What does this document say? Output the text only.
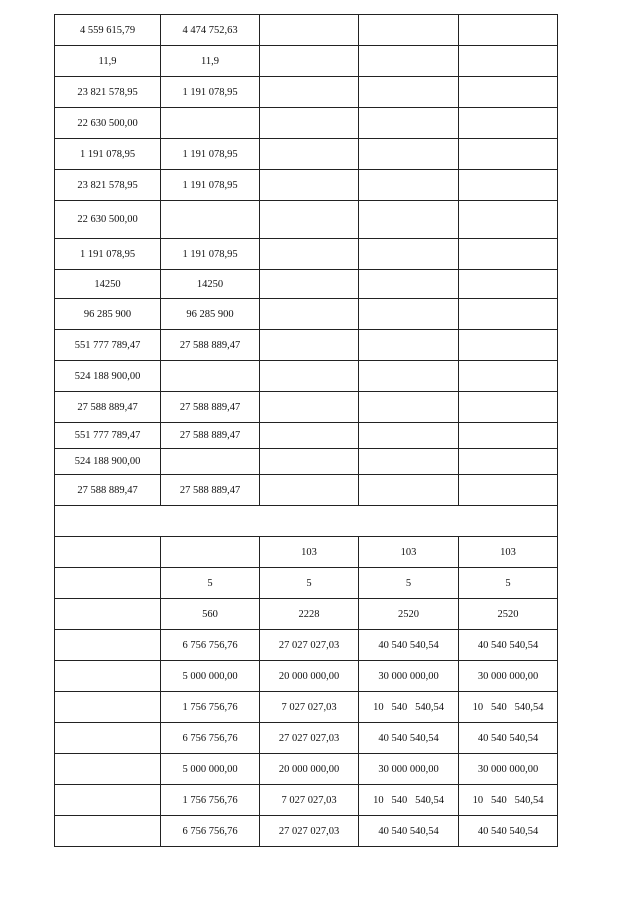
4 559 615,79	4 474 752,63			
11,9	11,9			
23 821 578,95	1 191 078,95			
22 630 500,00				
1 191 078,95	1 191 078,95			
23 821 578,95	1 191 078,95			
22 630 500,00				
1 191 078,95	1 191 078,95			
14250	14250			
96 285 900	96 285 900			
551 777 789,47	27 588 889,47			
524 188 900,00				
27 588 889,47	27 588 889,47			
551 777 789,47	27 588 889,47			
524 188 900,00				
27 588 889,47	27 588 889,47			

		103	103	103
	5	5	5	5
	560	2228	2520	2520
	6 756 756,76	27 027 027,03	40 540 540,54	40 540 540,54
	5 000 000,00	20 000 000,00	30 000 000,00	30 000 000,00
	1 756 756,76	7 027 027,03	10   540   540,54	10   540   540,54
	6 756 756,76	27 027 027,03	40 540 540,54	40 540 540,54
	5 000 000,00	20 000 000,00	30 000 000,00	30 000 000,00
	1 756 756,76	7 027 027,03	10   540   540,54	10   540   540,54
	6 756 756,76	27 027 027,03	40 540 540,54	40 540 540,54
